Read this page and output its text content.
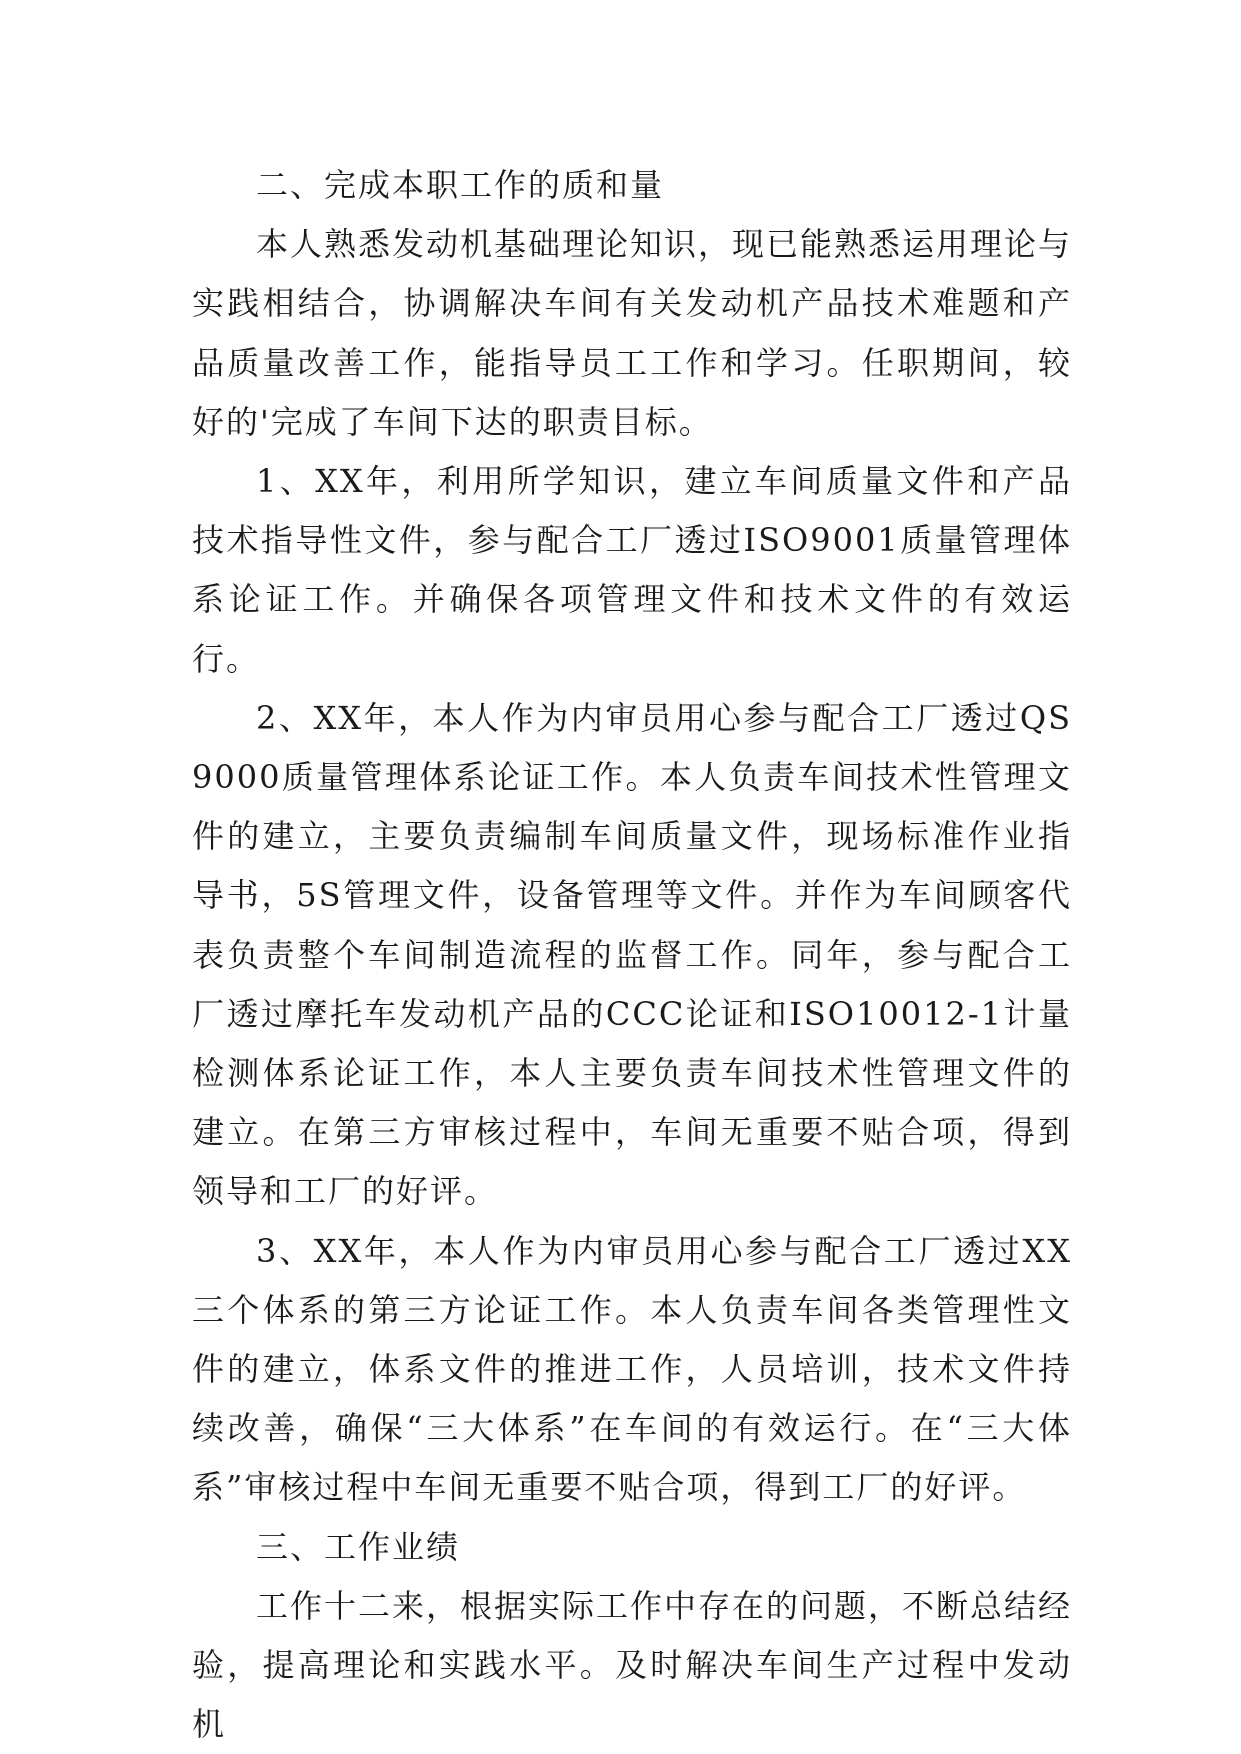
二、完成本职工作的质和量

本人熟悉发动机基础理论知识，现已能熟悉运用理论与实践相结合，协调解决车间有关发动机产品技术难题和产品质量改善工作，能指导员工工作和学习。任职期间，较好的'完成了车间下达的职责目标。

1、XX年，利用所学知识，建立车间质量文件和产品技术指导性文件，参与配合工厂透过ISO9001质量管理体系论证工作。并确保各项管理文件和技术文件的有效运行。

2、XX年，本人作为内审员用心参与配合工厂透过QS9000质量管理体系论证工作。本人负责车间技术性管理文件的建立，主要负责编制车间质量文件，现场标准作业指导书，5S管理文件，设备管理等文件。并作为车间顾客代表负责整个车间制造流程的监督工作。同年，参与配合工厂透过摩托车发动机产品的CCC论证和ISO10012-1计量检测体系论证工作，本人主要负责车间技术性管理文件的建立。在第三方审核过程中，车间无重要不贴合项，得到领导和工厂的好评。

3、XX年，本人作为内审员用心参与配合工厂透过XX三个体系的第三方论证工作。本人负责车间各类管理性文件的建立，体系文件的推进工作，人员培训，技术文件持续改善，确保“三大体系”在车间的有效运行。在“三大体系”审核过程中车间无重要不贴合项，得到工厂的好评。

三、工作业绩

工作十二来，根据实际工作中存在的问题，不断总结经验，提高理论和实践水平。及时解决车间生产过程中发动机
